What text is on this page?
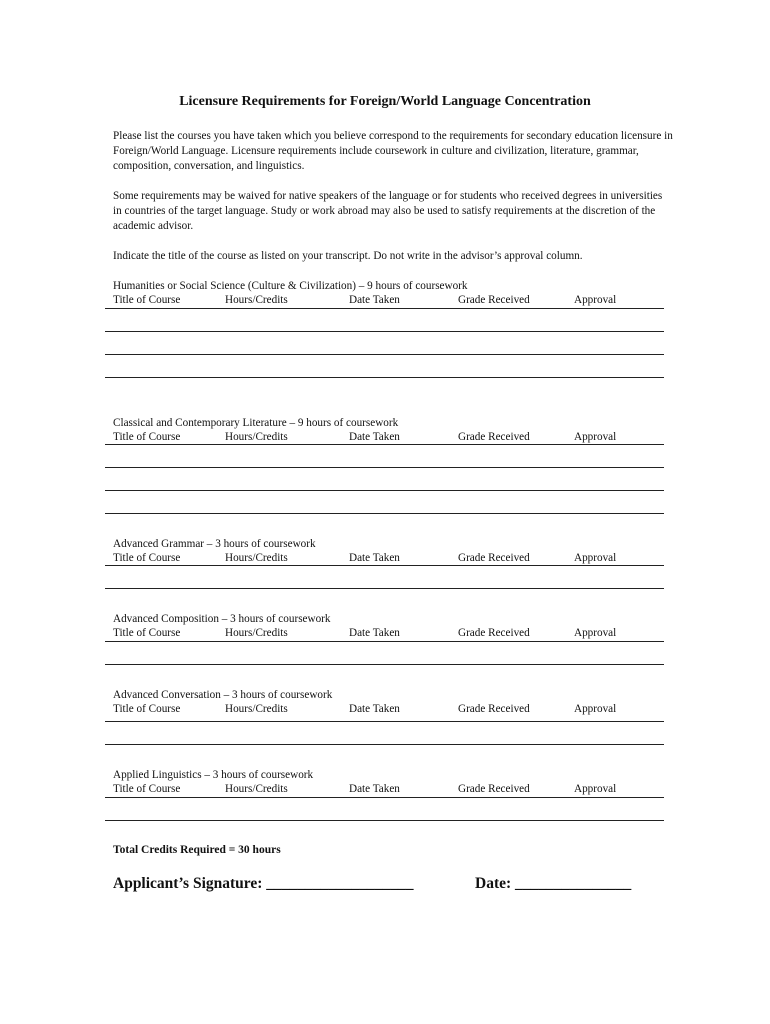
Licensure Requirements for Foreign/World Language Concentration
Please list the courses you have taken which you believe correspond to the requirements for secondary education licensure in Foreign/World Language. Licensure requirements include coursework in culture and civilization, literature, grammar, composition, conversation, and linguistics.
Some requirements may be waived for native speakers of the language or for students who received degrees in universities in countries of the target language. Study or work abroad may also be used to satisfy requirements at the discretion of the academic advisor.
Indicate the title of the course as listed on your transcript. Do not write in the advisor’s approval column.
Humanities or Social Science (Culture & Civilization) – 9 hours of coursework
Title of Course	Hours/Credits	Date Taken	Grade Received	Approval
Classical and Contemporary Literature – 9 hours of coursework
Title of Course	Hours/Credits	Date Taken	Grade Received	Approval
Advanced Grammar – 3 hours of coursework
Title of Course	Hours/Credits	Date Taken	Grade Received	Approval
Advanced Composition – 3 hours of coursework
Title of Course	Hours/Credits	Date Taken	Grade Received	Approval
Advanced Conversation – 3 hours of coursework
Title of Course	Hours/Credits	Date Taken	Grade Received	Approval
Applied Linguistics – 3 hours of coursework
Title of Course	Hours/Credits	Date Taken	Grade Received	Approval
Total Credits Required = 30 hours
Applicant’s Signature: ___________________	Date: _______________
